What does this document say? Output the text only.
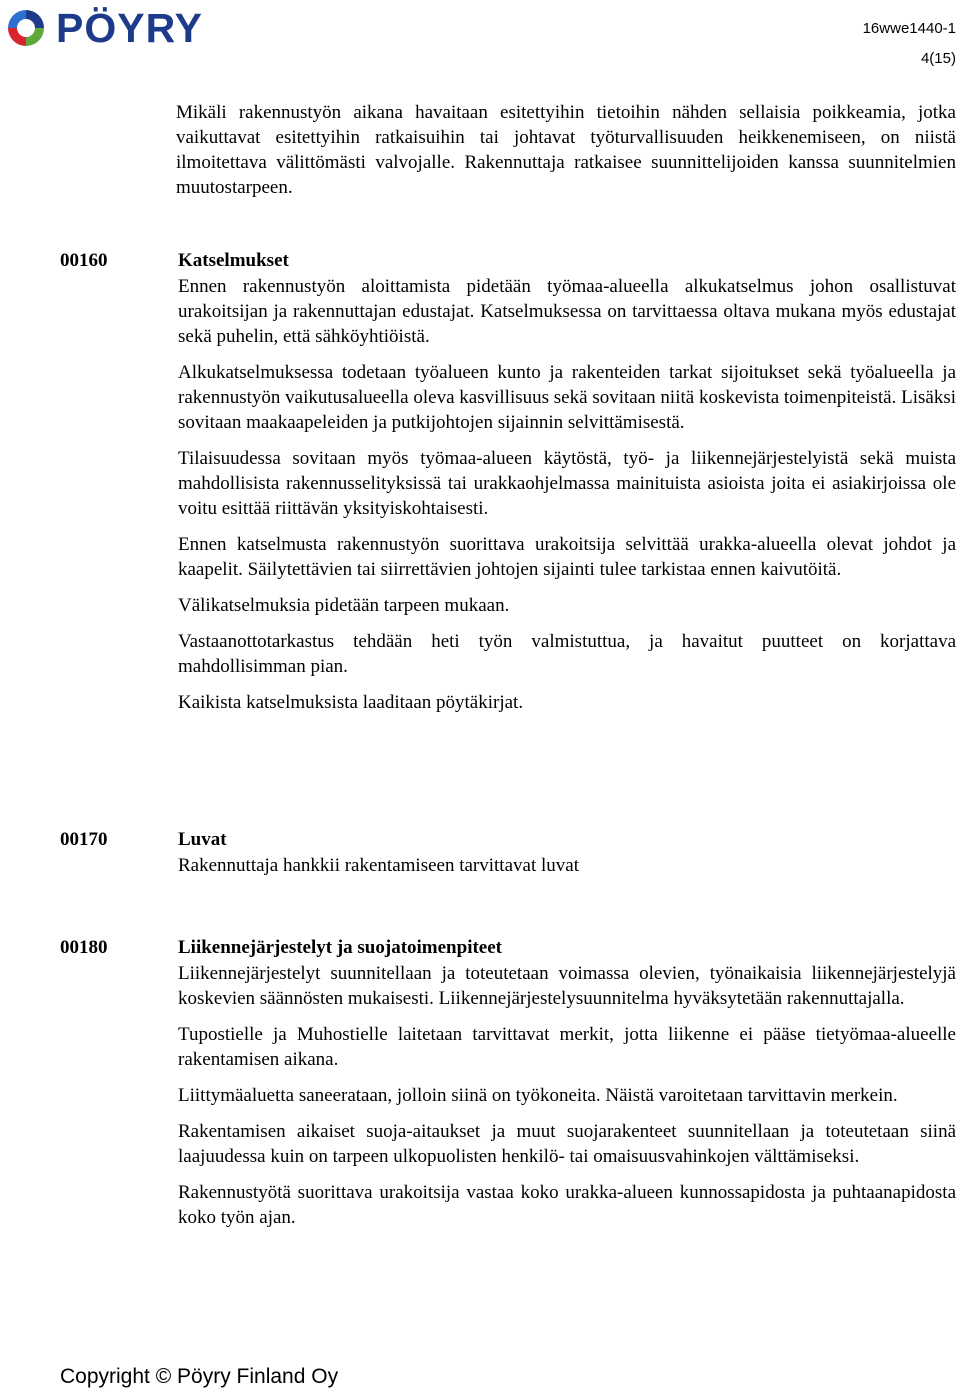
PÖYRY	16wwe1440-1
4(15)

Mikäli rakennustyön aikana havaitaan esitettyihin tietoihin nähden sellaisia poikkeamia, jotka vaikuttavat esitettyihin ratkaisuihin tai johtavat työturvallisuuden heikkenemiseen, on niistä ilmoitettava välittömästi valvojalle. Rakennuttaja ratkaisee suunnittelijoiden kanssa suunnitelmien muutostarpeen.

00160	Katselmukset

Ennen rakennustyön aloittamista pidetään työmaa-alueella alkukatselmus johon osallistuvat urakoitsijan ja rakennuttajan edustajat. Katselmuksessa on tarvittaessa oltava mukana myös edustajat sekä puhelin, että sähköyhtiöistä.

Alkukatselmuksessa todetaan työalueen kunto ja rakenteiden tarkat sijoitukset sekä työalueella ja rakennustyön vaikutusalueella oleva kasvillisuus sekä sovitaan niitä koskevista toimenpiteistä. Lisäksi sovitaan maakaapeleiden ja putkijohtojen sijainnin selvittämisestä.

Tilaisuudessa sovitaan myös työmaa-alueen käytöstä, työ- ja liikennejärjestelyistä sekä muista mahdollisista rakennusselityksissä tai urakkaohjelmassa mainituista asioista joita ei asiakirjoissa ole voitu esittää riittävän yksityiskohtaisesti.

Ennen katselmusta rakennustyön suorittava urakoitsija selvittää urakka-alueella olevat johdot ja kaapelit. Säilytettävien tai siirrettävien johtojen sijainti tulee tarkistaa ennen kaivutöitä.

Välikatselmuksia pidetään tarpeen mukaan.

Vastaanottotarkastus tehdään heti työn valmistuttua, ja havaitut puutteet on korjattava mahdollisimman pian.

Kaikista katselmuksista laaditaan pöytäkirjat.

00170	Luvat

Rakennuttaja hankkii rakentamiseen tarvittavat luvat

00180	Liikennejärjestelyt ja suojatoimenpiteet

Liikennejärjestelyt suunnitellaan ja toteutetaan voimassa olevien, työnaikaisia liikennejärjestelyjä koskevien säännösten mukaisesti. Liikennejärjestelysuunnitelma hyväksytetään rakennuttajalla.

Tupostielle ja Muhostielle laitetaan tarvittavat merkit, jotta liikenne ei pääse tietyömaa-alueelle rakentamisen aikana.

Liittymäaluetta saneerataan, jolloin siinä on työkoneita. Näistä varoitetaan tarvittavin merkein.

Rakentamisen aikaiset suoja-aitaukset ja muut suojarakenteet suunnitellaan ja toteutetaan siinä laajuudessa kuin on tarpeen ulkopuolisten henkilö- tai omaisuusvahinkojen välttämiseksi.

Rakennustyötä suorittava urakoitsija vastaa koko urakka-alueen kunnossapidosta ja puhtaanapidosta koko työn ajan.

Copyright © Pöyry Finland Oy
